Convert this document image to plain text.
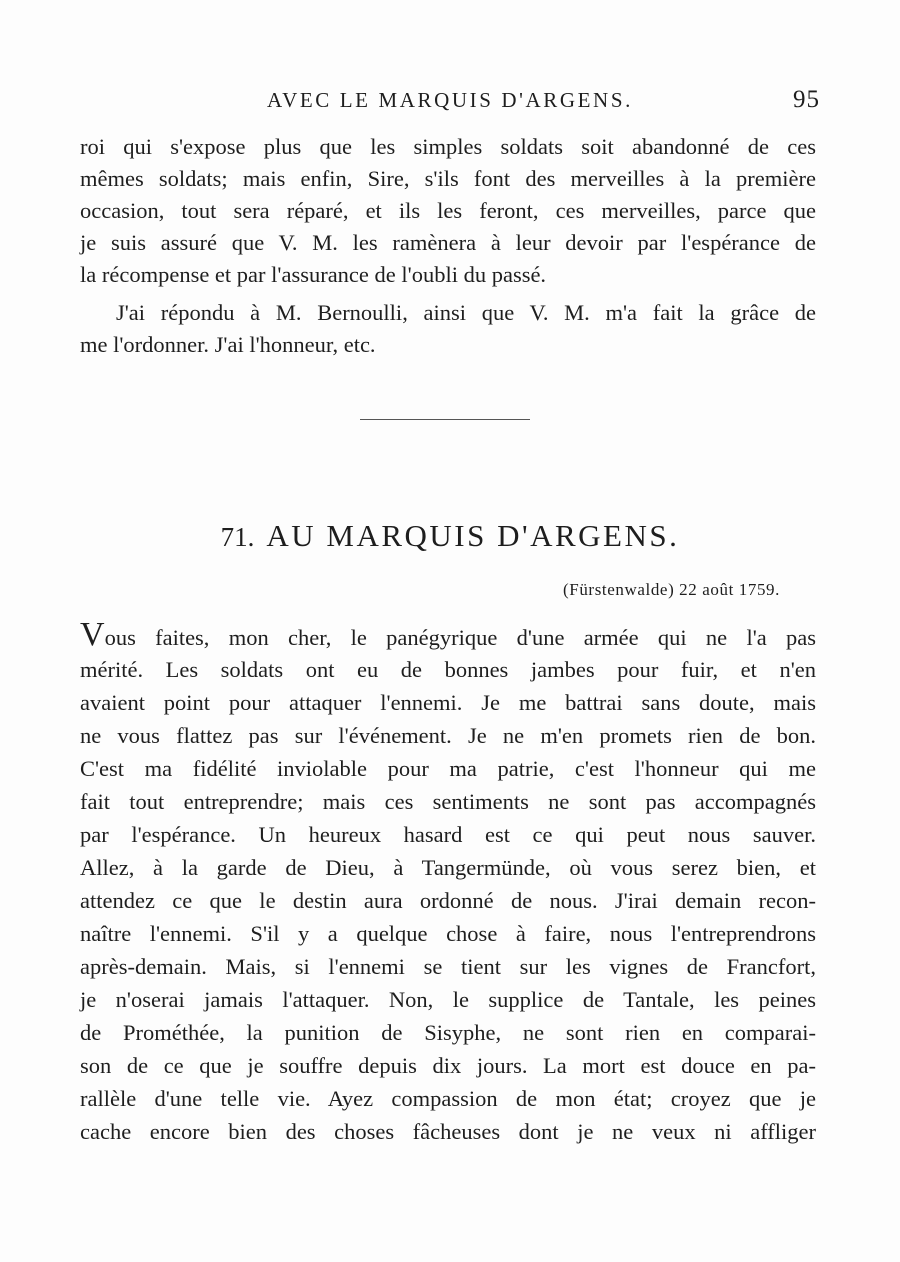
AVEC LE MARQUIS D'ARGENS.	95
roi qui s'expose plus que les simples soldats soit abandonné de ces
mêmes soldats; mais enfin, Sire, s'ils font des merveilles à la première
occasion, tout sera réparé, et ils les feront, ces merveilles, parce que
je suis assuré que V. M. les ramènera à leur devoir par l'espérance de
la récompense et par l'assurance de l'oubli du passé.
J'ai répondu à M. Bernoulli, ainsi que V. M. m'a fait la grâce de
me l'ordonner. J'ai l'honneur, etc.
71. AU MARQUIS D'ARGENS.
(Fürstenwalde) 22 août 1759.
Vous faites, mon cher, le panégyrique d'une armée qui ne l'a pas
mérité. Les soldats ont eu de bonnes jambes pour fuir, et n'en
avaient point pour attaquer l'ennemi. Je me battrai sans doute, mais
ne vous flattez pas sur l'événement. Je ne m'en promets rien de bon.
C'est ma fidélité inviolable pour ma patrie, c'est l'honneur qui me
fait tout entreprendre; mais ces sentiments ne sont pas accompagnés
par l'espérance. Un heureux hasard est ce qui peut nous sauver.
Allez, à la garde de Dieu, à Tangermünde, où vous serez bien, et
attendez ce que le destin aura ordonné de nous. J'irai demain recon-
naître l'ennemi. S'il y a quelque chose à faire, nous l'entreprendrons
après-demain. Mais, si l'ennemi se tient sur les vignes de Francfort,
je n'oserai jamais l'attaquer. Non, le supplice de Tantale, les peines
de Prométhée, la punition de Sisyphe, ne sont rien en comparai-
son de ce que je souffre depuis dix jours. La mort est douce en pa-
rallèle d'une telle vie. Ayez compassion de mon état; croyez que je
cache encore bien des choses fâcheuses dont je ne veux ni affliger
